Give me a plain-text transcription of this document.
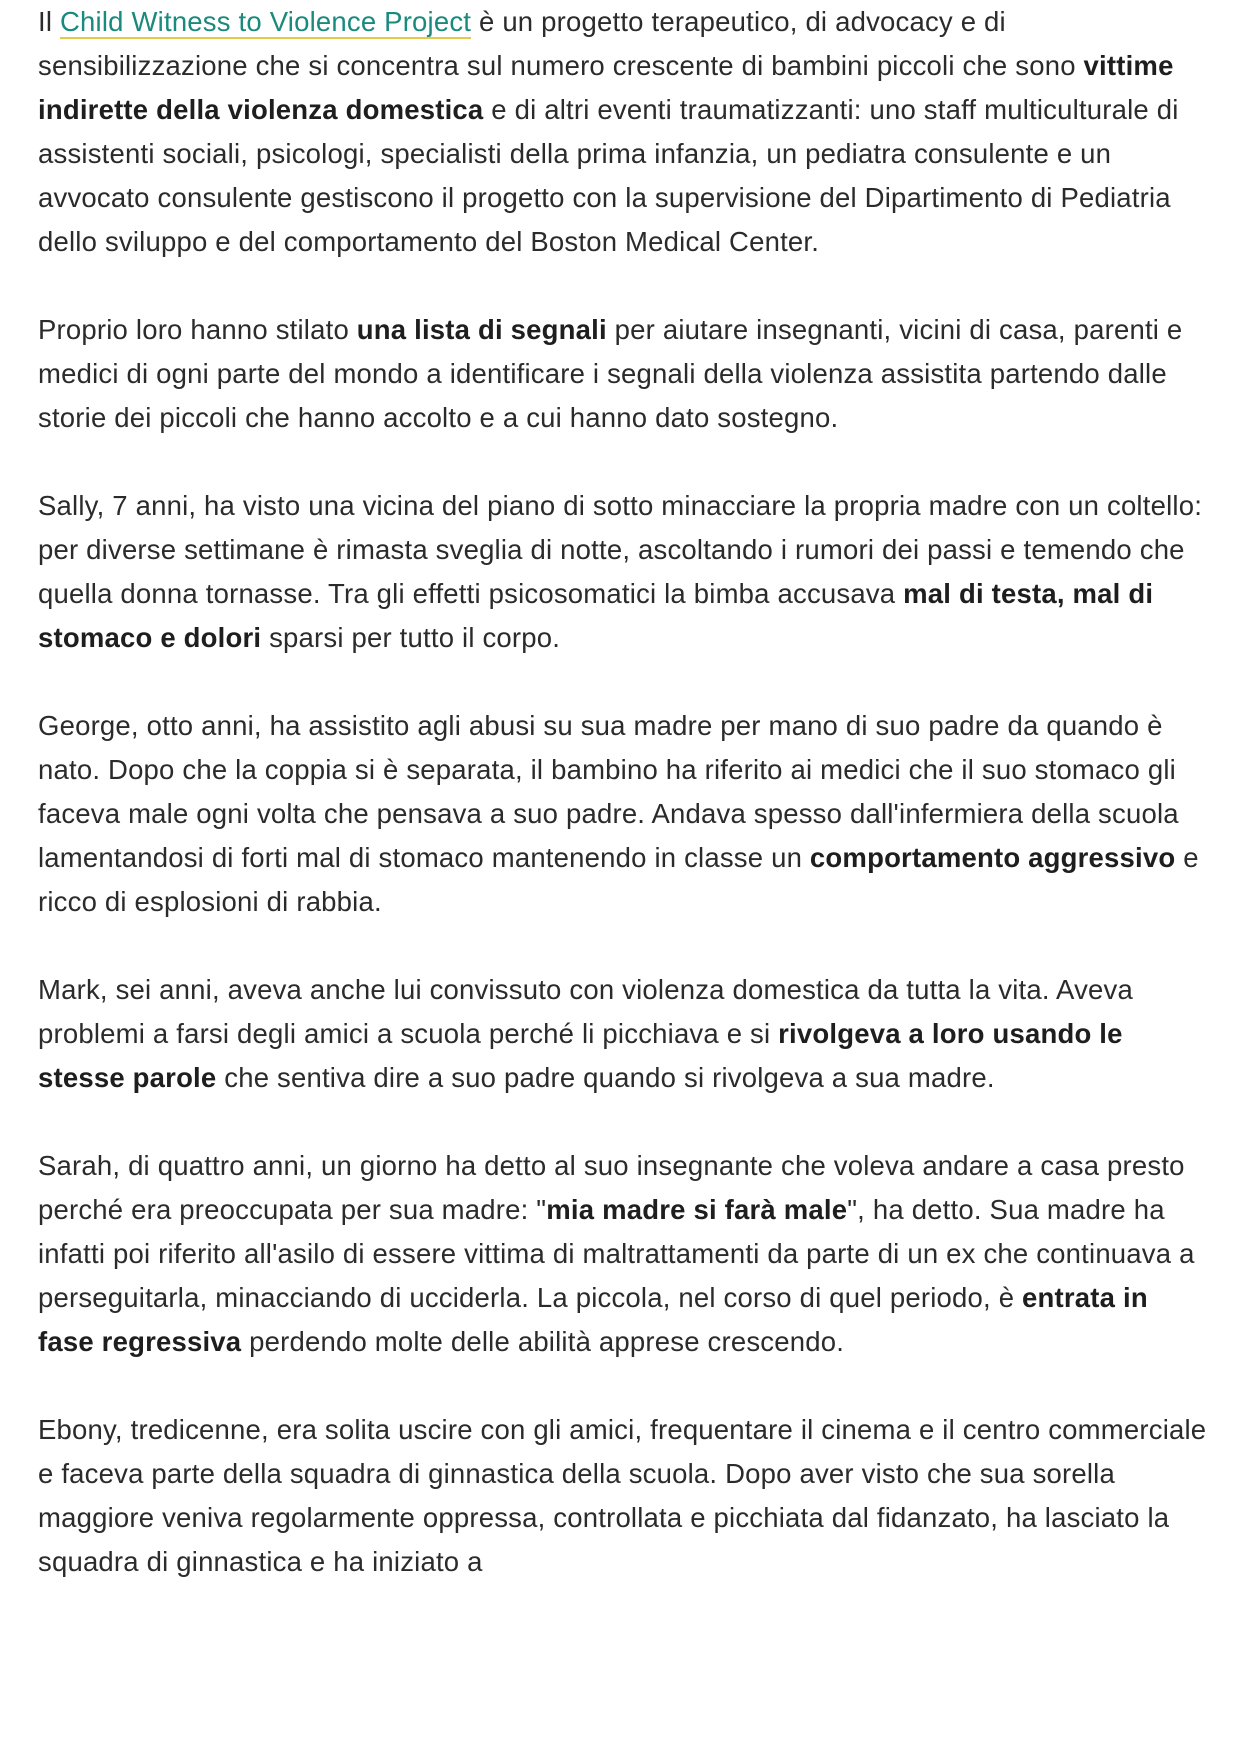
Il Child Witness to Violence Project è un progetto terapeutico, di advocacy e di sensibilizzazione che si concentra sul numero crescente di bambini piccoli che sono vittime indirette della violenza domestica e di altri eventi traumatizzanti: uno staff multiculturale di assistenti sociali, psicologi, specialisti della prima infanzia, un pediatra consulente e un avvocato consulente gestiscono il progetto con la supervisione del Dipartimento di Pediatria dello sviluppo e del comportamento del Boston Medical Center.

Proprio loro hanno stilato una lista di segnali per aiutare insegnanti, vicini di casa, parenti e medici di ogni parte del mondo a identificare i segnali della violenza assistita partendo dalle storie dei piccoli che hanno accolto e a cui hanno dato sostegno.

Sally, 7 anni, ha visto una vicina del piano di sotto minacciare la propria madre con un coltello: per diverse settimane è rimasta sveglia di notte, ascoltando i rumori dei passi e temendo che quella donna tornasse. Tra gli effetti psicosomatici la bimba accusava mal di testa, mal di stomaco e dolori sparsi per tutto il corpo.

George, otto anni, ha assistito agli abusi su sua madre per mano di suo padre da quando è nato. Dopo che la coppia si è separata, il bambino ha riferito ai medici che il suo stomaco gli faceva male ogni volta che pensava a suo padre. Andava spesso dall'infermiera della scuola lamentandosi di forti mal di stomaco mantenendo in classe un comportamento aggressivo e ricco di esplosioni di rabbia.

Mark, sei anni, aveva anche lui convissuto con violenza domestica da tutta la vita. Aveva problemi a farsi degli amici a scuola perché li picchiava e si rivolgeva a loro usando le stesse parole che sentiva dire a suo padre quando si rivolgeva a sua madre.

Sarah, di quattro anni, un giorno ha detto al suo insegnante che voleva andare a casa presto perché era preoccupata per sua madre: "mia madre si farà male", ha detto. Sua madre ha infatti poi riferito all'asilo di essere vittima di maltrattamenti da parte di un ex che continuava a perseguitarla, minacciando di ucciderla. La piccola, nel corso di quel periodo, è entrata in fase regressiva perdendo molte delle abilità apprese crescendo.

Ebony, tredicenne, era solita uscire con gli amici, frequentare il cinema e il centro commerciale e faceva parte della squadra di ginnastica della scuola. Dopo aver visto che sua sorella maggiore veniva regolarmente oppressa, controllata e picchiata dal fidanzato, ha lasciato la squadra di ginnastica e ha iniziato a
